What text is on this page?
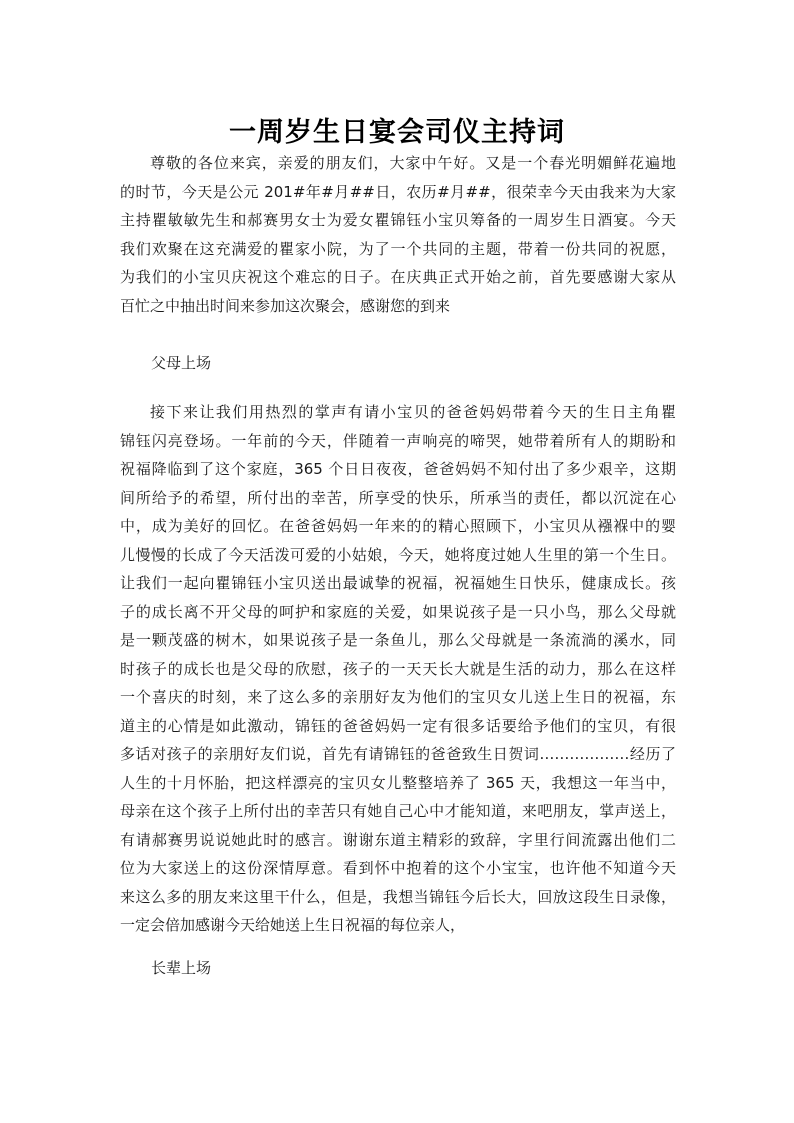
一周岁生日宴会司仪主持词
尊敬的各位来宾，亲爱的朋友们，大家中午好。又是一个春光明媚鲜花遍地
的时节，今天是公元 201#年#月##日，农历#月##，很荣幸今天由我来为大家
主持瞿敏敏先生和郝赛男女士为爱女瞿锦钰小宝贝筹备的一周岁生日酒宴。今天
我们欢聚在这充满爱的瞿家小院，为了一个共同的主题，带着一份共同的祝愿，
为我们的小宝贝庆祝这个难忘的日子。在庆典正式开始之前，首先要感谢大家从
百忙之中抽出时间来参加这次聚会，感谢您的到来
父母上场
接下来让我们用热烈的掌声有请小宝贝的爸爸妈妈带着今天的生日主角瞿
锦钰闪亮登场。一年前的今天，伴随着一声响亮的啼哭，她带着所有人的期盼和
祝福降临到了这个家庭，365 个日日夜夜，爸爸妈妈不知付出了多少艰辛，这期
间所给予的希望，所付出的幸苦，所享受的快乐，所承当的责任，都以沉淀在心
中，成为美好的回忆。在爸爸妈妈一年来的的精心照顾下，小宝贝从襁褓中的婴
儿慢慢的长成了今天活泼可爱的小姑娘，今天，她将度过她人生里的第一个生日。
让我们一起向瞿锦钰小宝贝送出最诚挚的祝福，祝福她生日快乐，健康成长。孩
子的成长离不开父母的呵护和家庭的关爱，如果说孩子是一只小鸟，那么父母就
是一颗茂盛的树木，如果说孩子是一条鱼儿，那么父母就是一条流淌的溪水，同
时孩子的成长也是父母的欣慰，孩子的一天天长大就是生活的动力，那么在这样
一个喜庆的时刻，来了这么多的亲朋好友为他们的宝贝女儿送上生日的祝福，东
道主的心情是如此激动，锦钰的爸爸妈妈一定有很多话要给予他们的宝贝，有很
多话对孩子的亲朋好友们说，首先有请锦钰的爸爸致生日贺词………………经历了
人生的十月怀胎，把这样漂亮的宝贝女儿整整培养了 365 天，我想这一年当中，
母亲在这个孩子上所付出的幸苦只有她自己心中才能知道，来吧朋友，掌声送上，
有请郝赛男说说她此时的感言。谢谢东道主精彩的致辞，字里行间流露出他们二
位为大家送上的这份深情厚意。看到怀中抱着的这个小宝宝，也许他不知道今天
来这么多的朋友来这里干什么，但是，我想当锦钰今后长大，回放这段生日录像，
一定会倍加感谢今天给她送上生日祝福的每位亲人，
长辈上场
